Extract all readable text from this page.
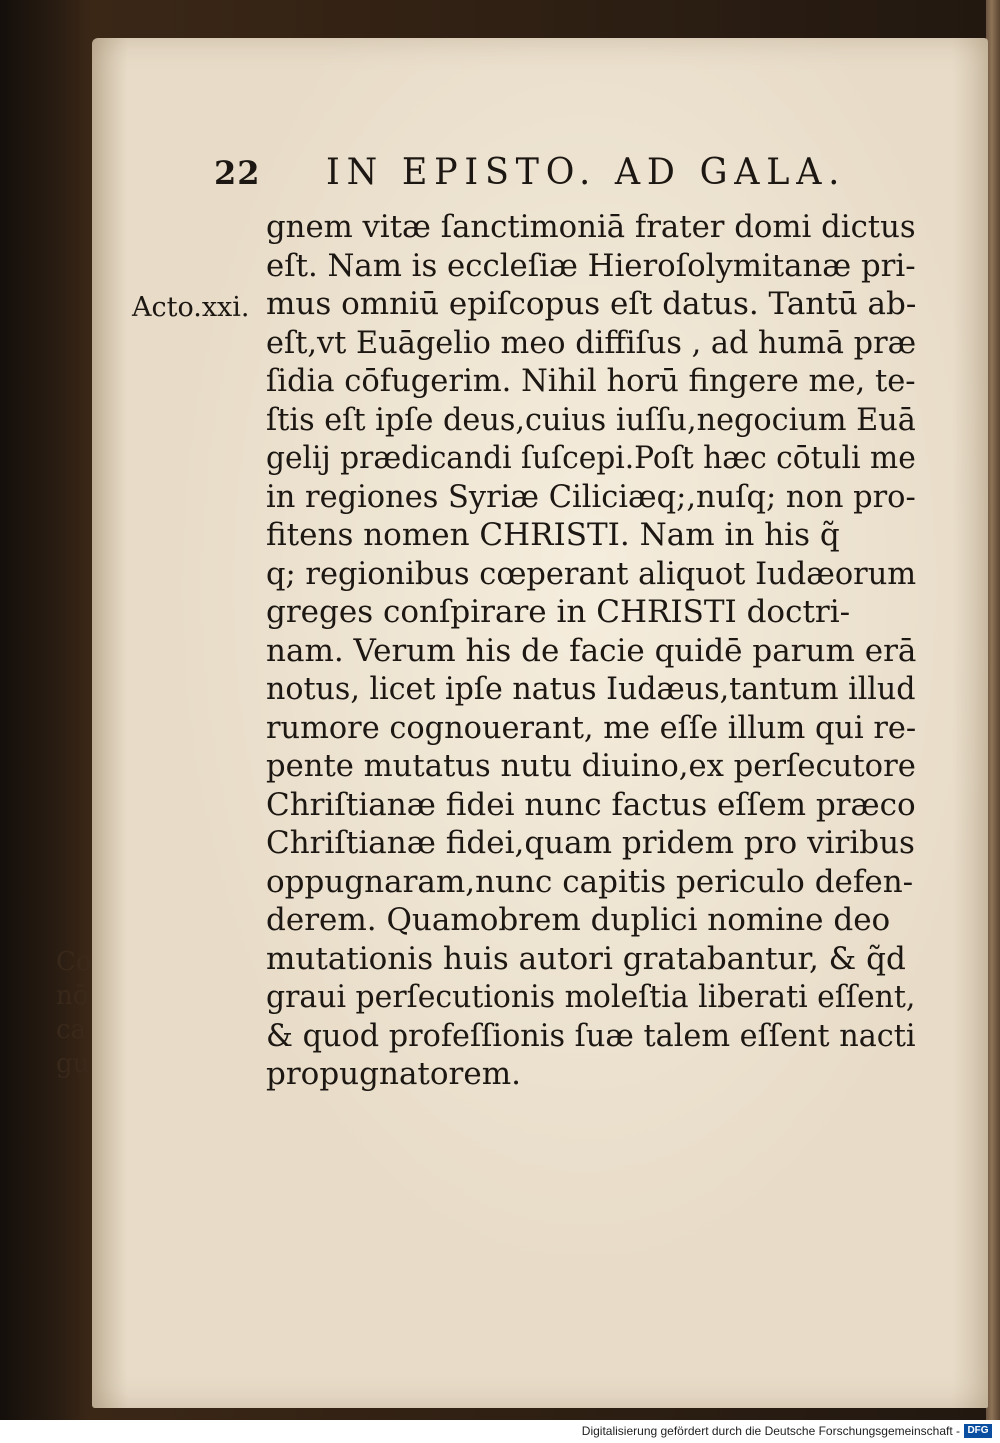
Co
nō
ca
gu
22 IN EPISTO. AD GALA.
Acto.xxi.
gnem vitæ ſanctimoniā frater domi dictus
eſt. Nam is eccleſiæ Hieroſolymitanæ pri-
mus omniū epiſcopus eſt datus. Tantū ab-
eſt,vt Euāgelio meo diffiſus , ad humā præ
ſidia cōfugerim. Nihil horū fingere me, te-
ſtis eſt ipſe deus,cuius iuſſu,negocium Euā
gelij prædicandi ſuſcepi.Poſt hæc cōtuli me
in regiones Syriæ Ciliciæq;,nuſq; non pro-
fitens nomen CHRISTI. Nam in his q̃
q; regionibus cœperant aliquot Iudæorum
greges conſpirare in CHRISTI doctri-
nam. Verum his de facie quidē parum erā
notus, licet ipſe natus Iudæus,tantum illud
rumore cognouerant, me eſſe illum qui re-
pente mutatus nutu diuino,ex perſecutore
Chriſtianæ fidei nunc factus eſſem præco
Chriſtianæ fidei,quam pridem pro viribus
oppugnaram,nunc capitis periculo defen-
derem. Quamobrem duplici nomine deo
mutationis huis autori gratabantur, & q̃d
graui perſecutionis moleſtia liberati eſſent,
& quod profeſſionis ſuæ talem eſſent nacti
propugnatorem.
Digitalisierung gefördert durch die Deutsche Forschungsgemeinschaft - DFG
